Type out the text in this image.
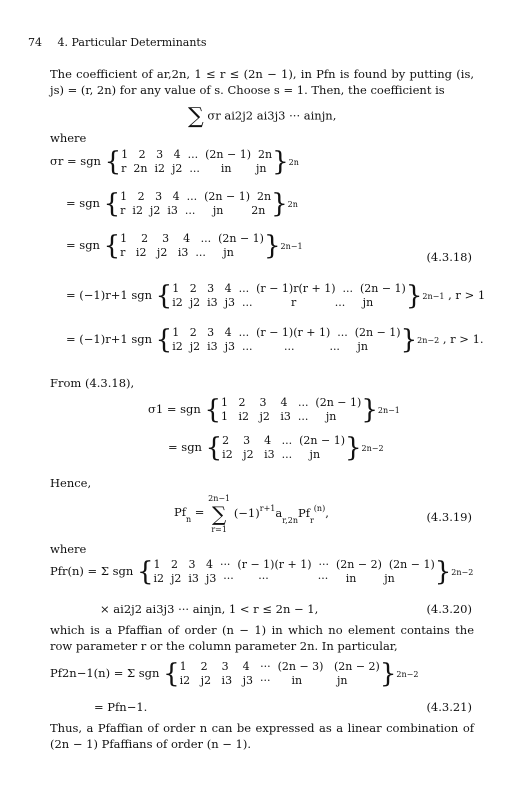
74 4. Particular Determinants
The coefficient of ar,2n, 1 ≤ r ≤ (2n − 1), in Pfn is found by putting (is, js) = (r, 2n) for any value of s. Choose s = 1. Then, the coefficient is
∑ σr ai2j2 ai3j3 ··· ainjn,
where
σr = sgn { 1   2   3   4  ...  (2n − 1)  2n
r  2n  i2  j2  ...      in       jn } 2n
= sgn { 1   2   3   4  ...  (2n − 1)  2n
r  i2  j2  i3  ...     jn        2n } 2n
= sgn { 1    2    3    4   ...  (2n − 1)
r   i2   j2   i3  ...     jn	} 2n−1
(4.3.18)
= (−1)r+1 sgn { 1   2   3   4  ...  (r − 1)r(r + 1)  ...  (2n − 1)
i2  j2  i3  j3  ...           r           ...     jn	} 2n−1 , r > 1
= (−1)r+1 sgn { 1   2   3   4  ...  (r − 1)(r + 1)  ...  (2n − 1)
i2  j2  i3  j3  ...         ...          ...     jn	} 2n−2 , r > 1.
From (4.3.18),
σ1 = sgn { 1   2    3    4   ...  (2n − 1)
1   i2   j2   i3  ...     jn } 2n−1
= sgn { 2    3    4   ...  (2n − 1)
i2   j2   i3  ...     jn } 2n−2
Hence,
$Pf_n$ =
2n−1
∑
r=1
$(-1)^{r+1}a_{r,2n}Pf_r^{(n)}$,	(4.3.19)
where
Pfr(n) = Σ sgn { 1   2   3   4  ···  (r − 1)(r + 1)  ···  (2n − 2)  (2n − 1)
i2  j2  i3  j3  ···       ···              ···     in        jn	} 2n−2
× ai2j2 ai3j3 ··· ainjn, 1 < r ≤ 2n − 1,	(4.3.20)
which is a Pfaffian of order (n − 1) in which no element contains the row parameter r or the column parameter 2n. In particular,
Pf2n−1(n) = Σ sgn { 1    2    3    4   ···  (2n − 3)   (2n − 2)
i2   j2   i3   j3  ···      in          jn	} 2n−2
= Pfn−1.	(4.3.21)
Thus, a Pfaffian of order n can be expressed as a linear combination of (2n − 1) Pfaffians of order (n − 1).
